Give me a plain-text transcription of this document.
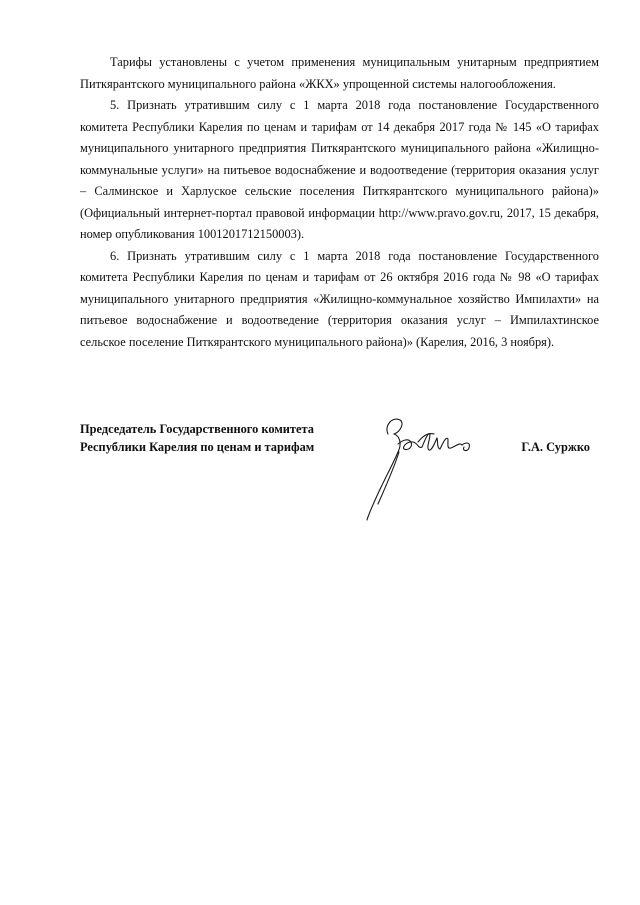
Тарифы установлены с учетом применения муниципальным унитарным предприятием Питкярантского муниципального района «ЖКХ» упрощенной системы налогообложения.

5. Признать утратившим силу с 1 марта 2018 года постановление Государственного комитета Республики Карелия по ценам и тарифам от 14 декабря 2017 года № 145 «О тарифах муниципального унитарного предприятия Питкярантского муниципального района «Жилищно-коммунальные услуги» на питьевое водоснабжение и водоотведение (территория оказания услуг – Салминское и Харлуское сельские поселения Питкярантского муниципального района)» (Официальный интернет-портал правовой информации http://www.pravo.gov.ru, 2017, 15 декабря, номер опубликования 1001201712150003).

6. Признать утратившим силу с 1 марта 2018 года постановление Государственного комитета Республики Карелия по ценам и тарифам от 26 октября 2016 года № 98 «О тарифах муниципального унитарного предприятия «Жилищно-коммунальное хозяйство Импилахти» на питьевое водоснабжение и водоотведение (территория оказания услуг – Импилахтинское сельское поселение Питкярантского муниципального района)» (Карелия, 2016, 3 ноября).

Председатель Государственного комитета
Республики Карелия по ценам и тарифам	Г.А. Суржко
